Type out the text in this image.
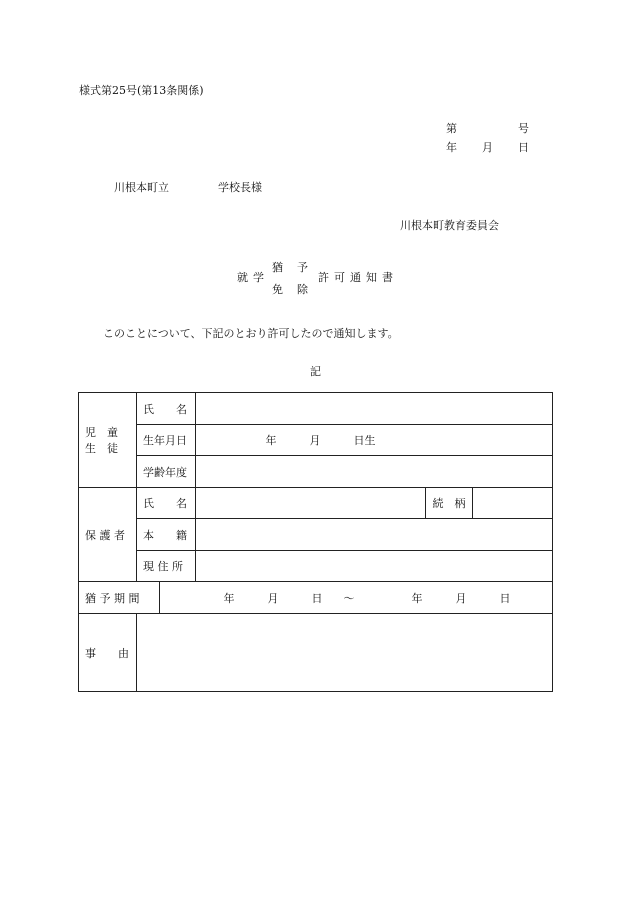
様式第25号(第13条関係)
第	号
年 月 日
川根本町立	学校長様
川根本町教育委員会
就学
猶予
免除
許可通知書
このことについて、下記のとおり許可したので通知します。
記
児　童
生　徒	氏　　名				
	生年月日		年 月 日生		
	学齢年度				
保 護 者	氏　　名			続　柄	
	本　　籍				
	現 住 所				
猶 予 期 間		年 月 日 ～ 年 月 日			
事　　由					
